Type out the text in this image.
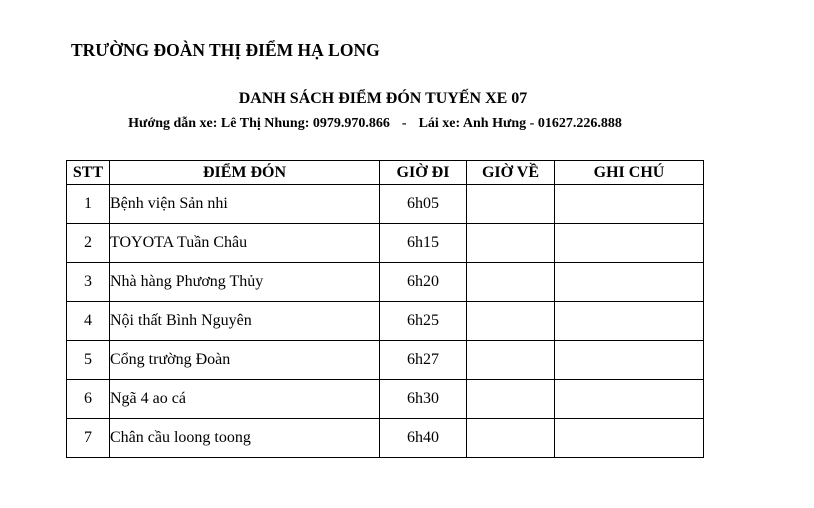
TRƯỜNG ĐOÀN THỊ ĐIỂM HẠ LONG
DANH SÁCH ĐIỂM ĐÓN TUYẾN XE 07
Hướng dẫn xe: Lê Thị Nhung: 0979.970.866 - Lái xe: Anh Hưng - 01627.226.888
STT	ĐIỂM ĐÓN	GIỜ ĐI	GIỜ VỀ	GHI CHÚ
1	Bệnh viện Sản nhi	6h05		
2	TOYOTA Tuần Châu	6h15		
3	Nhà hàng Phương Thủy	6h20		
4	Nội thất Bình Nguyên	6h25		
5	Cổng trường Đoàn	6h27		
6	Ngã 4 ao cá	6h30		
7	Chân cầu loong toong	6h40		
